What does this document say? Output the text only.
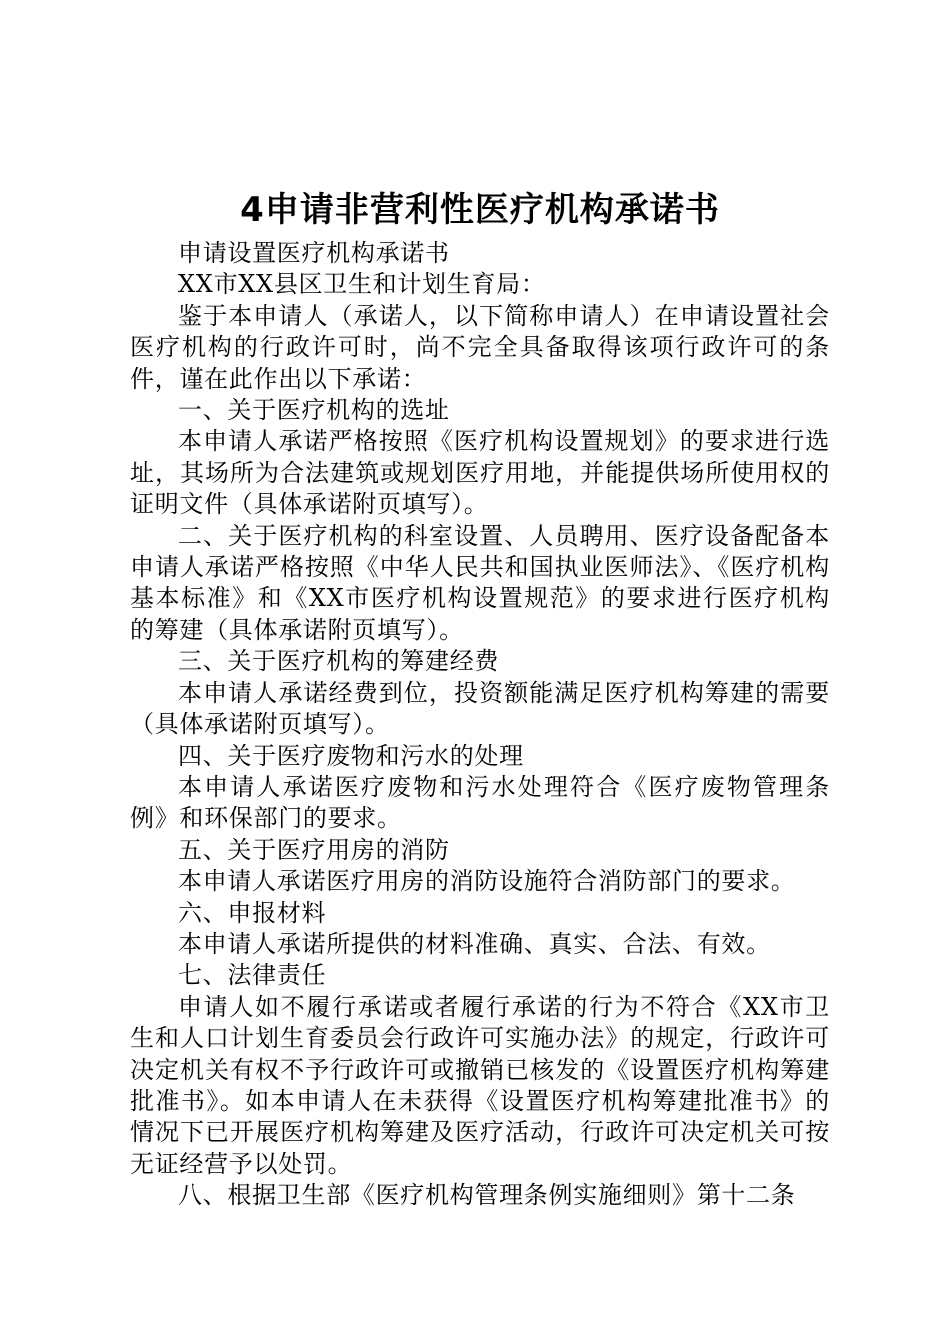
4申请非营利性医疗机构承诺书

申请设置医疗机构承诺书

XX市XX县区卫生和计划生育局：

鉴于本申请人（承诺人，以下简称申请人）在申请设置社会医疗机构的行政许可时，尚不完全具备取得该项行政许可的条件，谨在此作出以下承诺：

一、关于医疗机构的选址

本申请人承诺严格按照《医疗机构设置规划》的要求进行选址，其场所为合法建筑或规划医疗用地，并能提供场所使用权的证明文件（具体承诺附页填写）。

二、关于医疗机构的科室设置、人员聘用、医疗设备配备本申请人承诺严格按照《中华人民共和国执业医师法》、《医疗机构基本标准》和《XX市医疗机构设置规范》的要求进行医疗机构的筹建（具体承诺附页填写）。

三、关于医疗机构的筹建经费

本申请人承诺经费到位，投资额能满足医疗机构筹建的需要（具体承诺附页填写）。

四、关于医疗废物和污水的处理

本申请人承诺医疗废物和污水处理符合《医疗废物管理条例》和环保部门的要求。

五、关于医疗用房的消防

本申请人承诺医疗用房的消防设施符合消防部门的要求。

六、申报材料

本申请人承诺所提供的材料准确、真实、合法、有效。

七、法律责任

申请人如不履行承诺或者履行承诺的行为不符合《XX市卫生和人口计划生育委员会行政许可实施办法》的规定，行政许可决定机关有权不予行政许可或撤销已核发的《设置医疗机构筹建批准书》。如本申请人在未获得《设置医疗机构筹建批准书》的情况下已开展医疗机构筹建及医疗活动，行政许可决定机关可按无证经营予以处罚。

八、根据卫生部《医疗机构管理条例实施细则》第十二条
